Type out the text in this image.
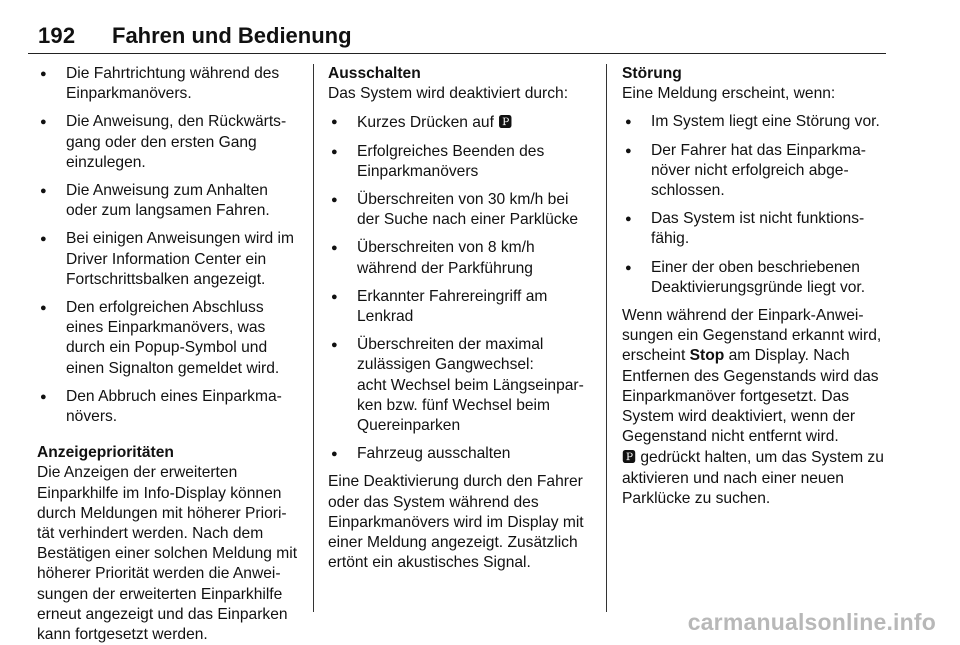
192 Fahren und Bedienung
● Die Fahrtrichtung während des Einparkmanövers.
● Die Anweisung, den Rückwärts-gang oder den ersten Gang einzulegen.
● Die Anweisung zum Anhalten oder zum langsamen Fahren.
● Bei einigen Anweisungen wird im Driver Information Center ein Fortschrittsbalken angezeigt.
● Den erfolgreichen Abschluss eines Einparkmanövers, was durch ein Popup-Symbol und einen Signalton gemeldet wird.
● Den Abbruch eines Einparkma-növers.

Anzeigeprioritäten

Die Anzeigen der erweiterten Einparkhilfe im Info-Display können durch Meldungen mit höherer Priori-tät verhindert werden. Nach dem Bestätigen einer solchen Meldung mit höherer Priorität werden die Anwei-sungen der erweiterten Einparkhilfe erneut angezeigt und das Einparken kann fortgesetzt werden.

Ausschalten

Das System wird deaktiviert durch:

● Kurzes Drücken auf 🅿︎
● Erfolgreiches Beenden des Einparkmanövers
● Überschreiten von 30 km/h bei der Suche nach einer Parklücke
● Überschreiten von 8 km/h während der Parkführung
● Erkannter Fahrereingriff am Lenkrad
● Überschreiten der maximal zulässigen Gangwechsel:
acht Wechsel beim Längseinpar-ken bzw. fünf Wechsel beim Quereinparken
● Fahrzeug ausschalten

Eine Deaktivierung durch den Fahrer oder das System während des Einparkmanövers wird im Display mit einer Meldung angezeigt. Zusätzlich ertönt ein akustisches Signal.

Störung

Eine Meldung erscheint, wenn:

● Im System liegt eine Störung vor.
● Der Fahrer hat das Einparkma-növer nicht erfolgreich abge-schlossen.
● Das System ist nicht funktions-fähig.
● Einer der oben beschriebenen Deaktivierungsgründe liegt vor.

Wenn während der Einpark-Anwei-sungen ein Gegenstand erkannt wird, erscheint Stop am Display. Nach Entfernen des Gegenstands wird das Einparkmanöver fortgesetzt. Das System wird deaktiviert, wenn der Gegenstand nicht entfernt wird.

🅿︎ gedrückt halten, um das System zu aktivieren und nach einer neuen Parklücke zu suchen.

carmanualsonline.info
